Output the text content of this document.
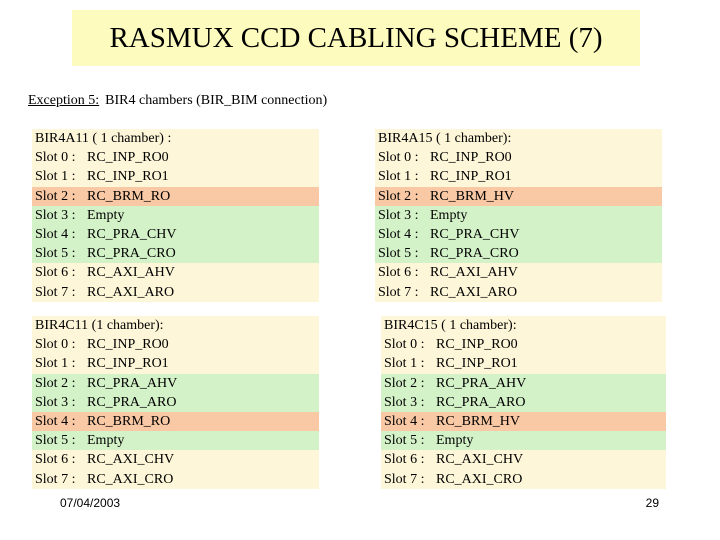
RASMUX CCD CABLING SCHEME (7)
Exception 5: BIR4 chambers (BIR_BIM connection)
BIR4A11 ( 1 chamber) :
Slot 0 : RC_INP_RO0
Slot 1 : RC_INP_RO1
Slot 2 : RC_BRM_RO
Slot 3 : Empty
Slot 4 : RC_PRA_CHV
Slot 5 : RC_PRA_CRO
Slot 6 : RC_AXI_AHV
Slot 7 : RC_AXI_ARO
BIR4A15 ( 1 chamber):
Slot 0 : RC_INP_RO0
Slot 1 : RC_INP_RO1
Slot 2 : RC_BRM_HV
Slot 3 : Empty
Slot 4 : RC_PRA_CHV
Slot 5 : RC_PRA_CRO
Slot 6 : RC_AXI_AHV
Slot 7 : RC_AXI_ARO
BIR4C11 (1 chamber):
Slot 0 : RC_INP_RO0
Slot 1 : RC_INP_RO1
Slot 2 : RC_PRA_AHV
Slot 3 : RC_PRA_ARO
Slot 4 : RC_BRM_RO
Slot 5 : Empty
Slot 6 : RC_AXI_CHV
Slot 7 : RC_AXI_CRO
BIR4C15 ( 1 chamber):
Slot 0 : RC_INP_RO0
Slot 1 : RC_INP_RO1
Slot 2 : RC_PRA_AHV
Slot 3 : RC_PRA_ARO
Slot 4 : RC_BRM_HV
Slot 5 : Empty
Slot 6 : RC_AXI_CHV
Slot 7 : RC_AXI_CRO
07/04/2003	29
